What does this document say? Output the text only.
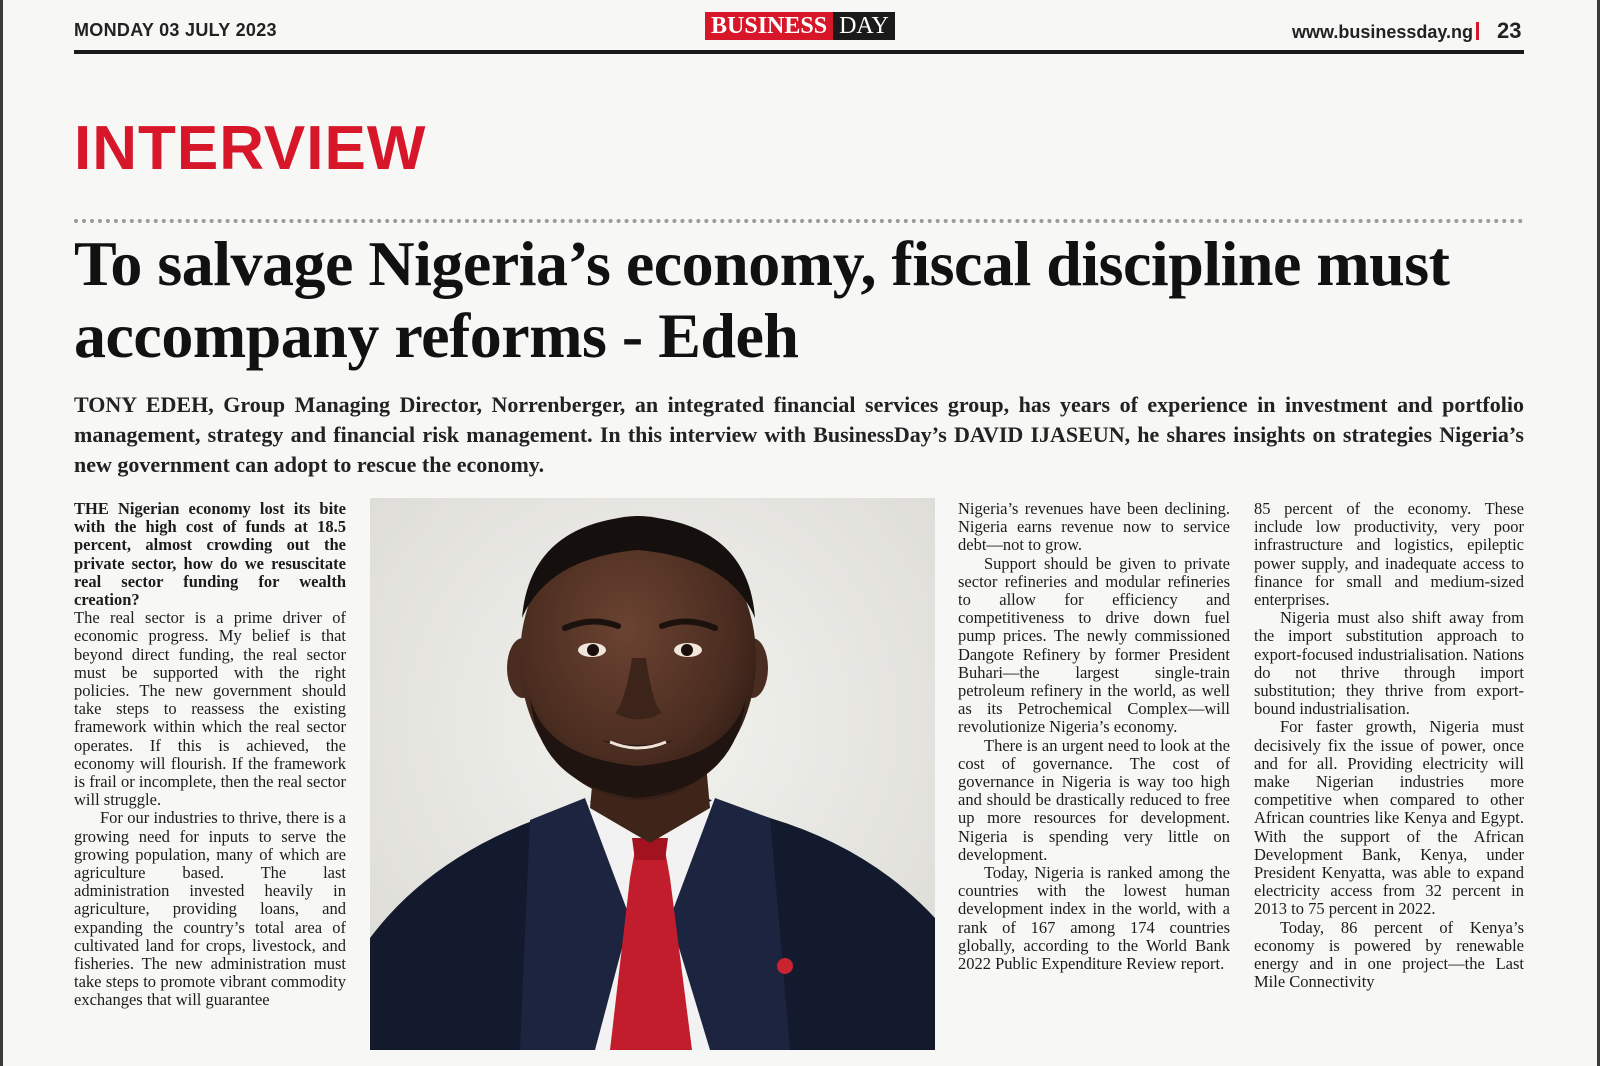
MONDAY 03 JULY 2023	BUSINESS DAY	www.businessday.ng 23
INTERVIEW
To salvage Nigeria’s economy, fiscal discipline must accompany reforms - Edeh

TONY EDEH, Group Managing Director, Norrenberger, an integrated financial services group, has years of experience in investment and portfolio management, strategy and financial risk management. In this interview with BusinessDay’s DAVID IJASEUN, he shares insights on strategies Nigeria’s new government can adopt to rescue the economy.

THE Nigerian economy lost its bite with the high cost of funds at 18.5 percent, almost crowding out the private sector, how do we resuscitate real sector funding for wealth creation?

The real sector is a prime driver of economic progress. My belief is that beyond direct funding, the real sector must be supported with the right policies. The new government should take steps to reassess the existing framework within which the real sector operates. If this is achieved, the economy will flourish. If the framework is frail or incomplete, then the real sector will struggle.

For our industries to thrive, there is a growing need for inputs to serve the growing population, many of which are agriculture based. The last administration invested heavily in agriculture, providing loans, and expanding the country’s total area of cultivated land for crops, livestock, and fisheries. The new administration must take steps to promote vibrant commodity exchanges that will guarantee

Nigeria’s revenues have been declining. Nigeria earns revenue now to service debt—not to grow.

Support should be given to private sector refineries and modular refineries to allow for efficiency and competitiveness to drive down fuel pump prices. The newly commissioned Dangote Refinery by former President Buhari—the largest single-train petroleum refinery in the world, as well as its Petrochemical Complex—will revolutionize Nigeria’s economy.

There is an urgent need to look at the cost of governance. The cost of governance in Nigeria is way too high and should be drastically reduced to free up more resources for development. Nigeria is spending very little on development.

Today, Nigeria is ranked among the countries with the lowest human development index in the world, with a rank of 167 among 174 countries globally, according to the World Bank 2022 Public Expenditure Review report.

85 percent of the economy. These include low productivity, very poor infrastructure and logistics, epileptic power supply, and inadequate access to finance for small and medium-sized enterprises.

Nigeria must also shift away from the import substitution approach to export-focused industrialisation. Nations do not thrive through import substitution; they thrive from export-bound industrialisation.

For faster growth, Nigeria must decisively fix the issue of power, once and for all. Providing electricity will make Nigerian industries more competitive when compared to other African countries like Kenya and Egypt. With the support of the African Development Bank, Kenya, under President Kenyatta, was able to expand electricity access from 32 percent in 2013 to 75 percent in 2022.

Today, 86 percent of Kenya’s economy is powered by renewable energy and in one project—the Last Mile Connectivity
